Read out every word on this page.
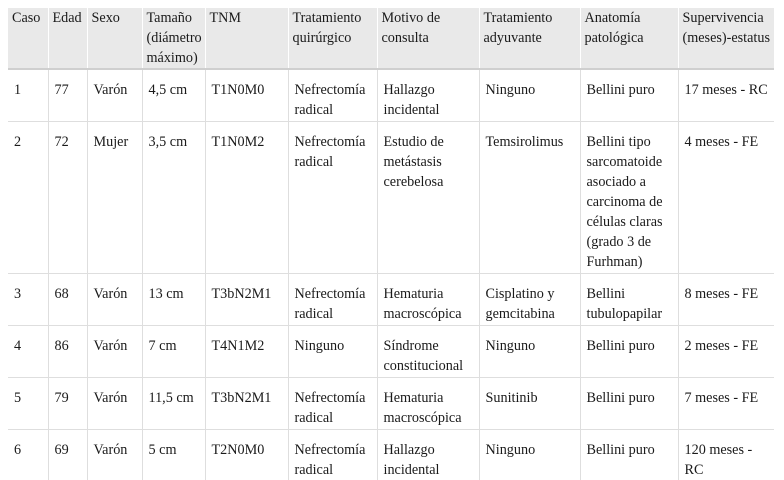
Caso	Edad	Sexo	Tamaño (diámetro máximo)	TNM	Tratamiento quirúrgico	Motivo de consulta	Tratamiento adyuvante	Anatomía patológica	Supervivencia (meses)-estatus
1	77	Varón	4,5 cm	T1N0M0	Nefrectomía radical	Hallazgo incidental	Ninguno	Bellini puro	17 meses - RC
2	72	Mujer	3,5 cm	T1N0M2	Nefrectomía radical	Estudio de metástasis cerebelosa	Temsirolimus	Bellini tipo sarcomatoide asociado a carcinoma de células claras (grado 3 de Furhman)	4 meses - FE
3	68	Varón	13 cm	T3bN2M1	Nefrectomía radical	Hematuria macroscópica	Cisplatino y gemcitabina	Bellini tubulopapilar	8 meses - FE
4	86	Varón	7 cm	T4N1M2	Ninguno	Síndrome constitucional	Ninguno	Bellini puro	2 meses - FE
5	79	Varón	11,5 cm	T3bN2M1	Nefrectomía radical	Hematuria macroscópica	Sunitinib	Bellini puro	7 meses - FE
6	69	Varón	5 cm	T2N0M0	Nefrectomía radical	Hallazgo incidental	Ninguno	Bellini puro	120 meses - RC
